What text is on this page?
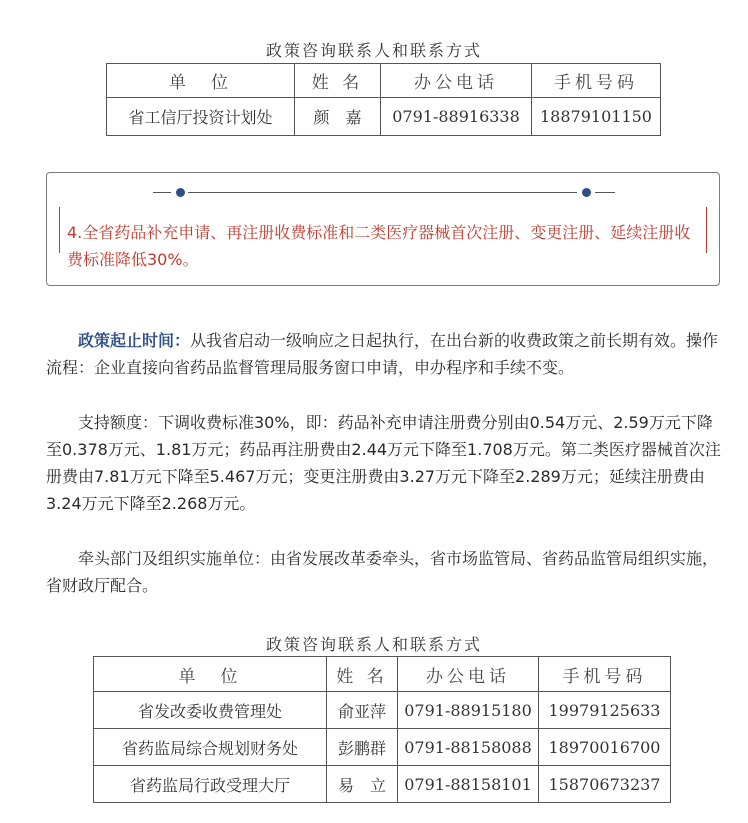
政策咨询联系人和联系方式
单　位	姓 名	办公电话	手机号码
省工信厅投资计划处	颜　嘉	0791-88916338	18879101150
4.全省药品补充申请、再注册收费标准和二类医疗器械首次注册、变更注册、延续注册收费标准降低30%。
政策起止时间：从我省启动一级响应之日起执行，在出台新的收费政策之前长期有效。操作流程：企业直接向省药品监督管理局服务窗口申请，申办程序和手续不变。
支持额度：下调收费标准30%，即：药品补充申请注册费分别由0.54万元、2.59万元下降至0.378万元、1.81万元；药品再注册费由2.44万元下降至1.708万元。第二类医疗器械首次注册费由7.81万元下降至5.467万元；变更注册费由3.27万元下降至2.289万元；延续注册费由3.24万元下降至2.268万元。
牵头部门及组织实施单位：由省发展改革委牵头，省市场监管局、省药品监管局组织实施，省财政厅配合。
政策咨询联系人和联系方式
单　位	姓 名	办公电话	手机号码
省发改委收费管理处	俞亚萍	0791-88915180	19979125633
省药监局综合规划财务处	彭鹏群	0791-88158088	18970016700
省药监局行政受理大厅	易　立	0791-88158101	15870673237
